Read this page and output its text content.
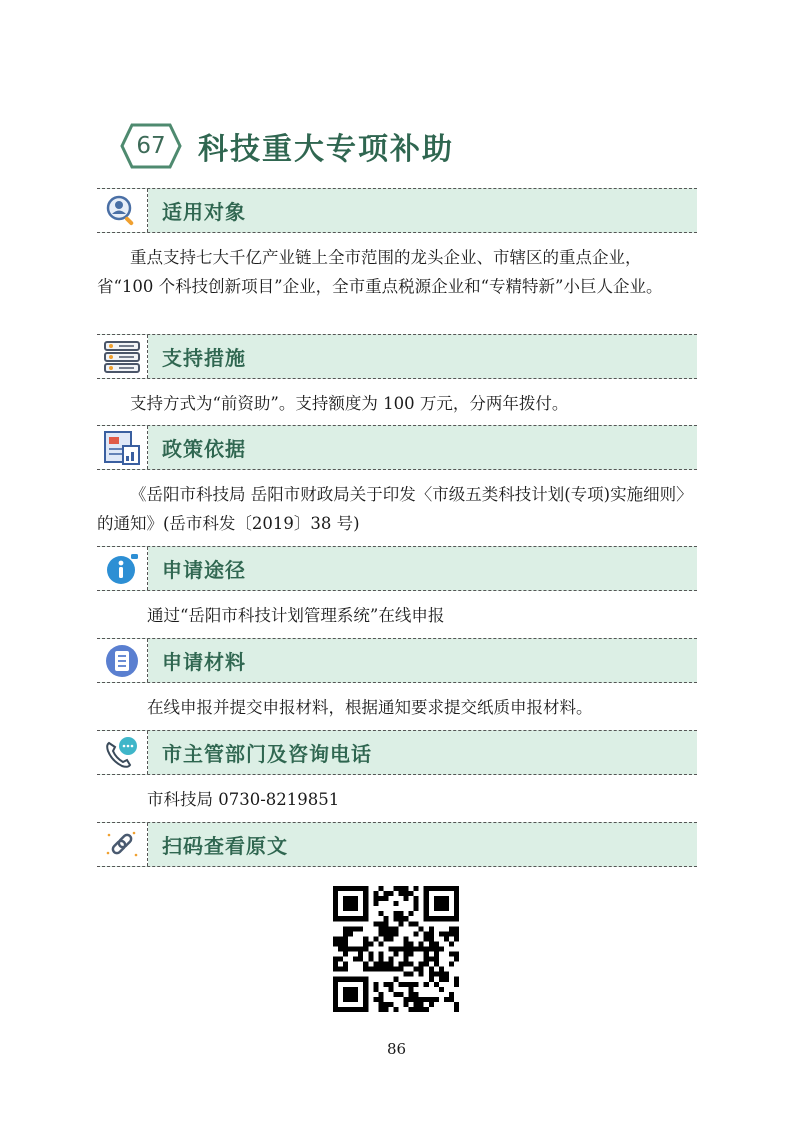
67	科技重大专项补助
适用对象
重点支持七大千亿产业链上全市范围的龙头企业、市辖区的重点企业，省“100 个科技创新项目”企业，全市重点税源企业和“专精特新”小巨人企业。
支持措施
支持方式为“前资助”。支持额度为 100 万元，分两年拨付。
政策依据
《岳阳市科技局 岳阳市财政局关于印发〈市级五类科技计划(专项)实施细则〉的通知》(岳市科发〔2019〕38 号)
申请途径
通过“岳阳市科技计划管理系统”在线申报
申请材料
在线申报并提交申报材料，根据通知要求提交纸质申报材料。
市主管部门及咨询电话
市科技局 0730-8219851
扫码查看原文
86
